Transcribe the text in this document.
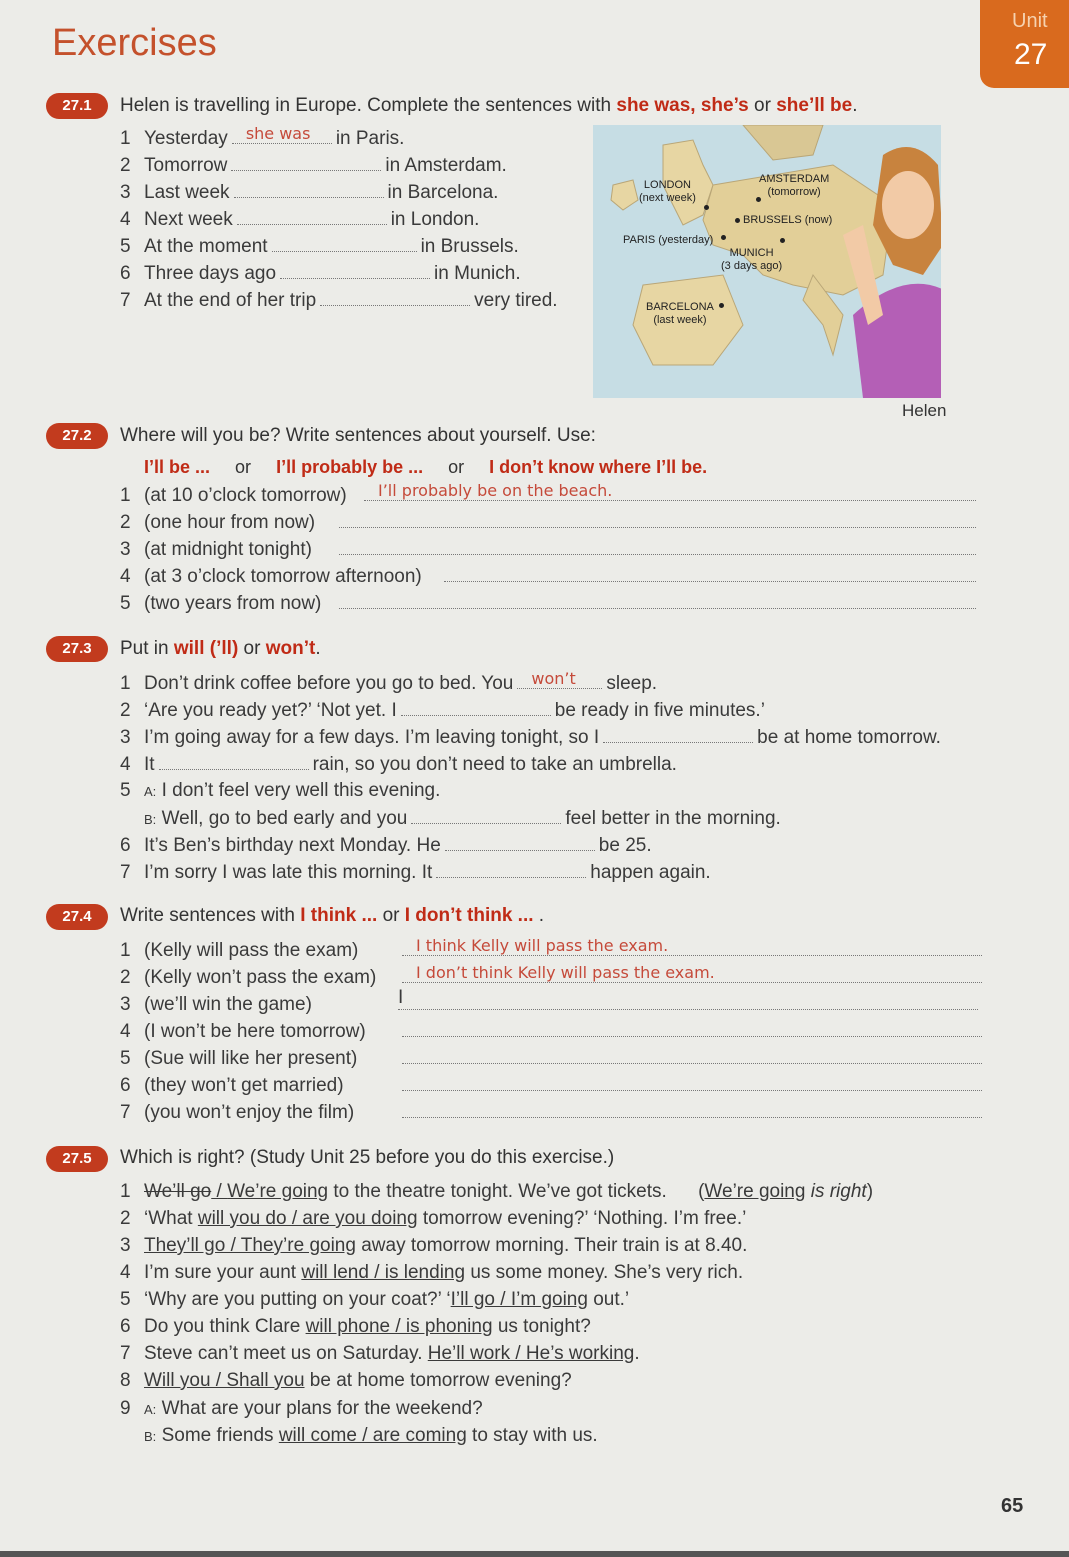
Exercises
Unit
27
27.1	Helen is travelling in Europe. Complete the sentences with she was, she’s or she’ll be.
1 Yesterday she was in Paris.
2 Tomorrow	in Amsterdam.
3 Last week	in Barcelona.
4 Next week	in London.
5 At the moment	in Brussels.
6 Three days ago	in Munich.
7 At the end of her trip	very tired.
LONDON
(next week)
AMSTERDAM
(tomorrow)
BRUSSELS (now)
PARIS (yesterday)
MUNICH
(3 days ago)
BARCELONA
(last week)
Helen
27.2	Where will you be? Write sentences about yourself. Use:
I’ll be ... or I’ll probably be ... or I don’t know where I’ll be.
1 (at 10 o’clock tomorrow) I’ll probably be on the beach.
2 (one hour from now)
3 (at midnight tonight)
4 (at 3 o’clock tomorrow afternoon)
5 (two years from now)
27.3	Put in will (’ll) or won’t.
1 Don’t drink coffee before you go to bed. You won’t sleep.
2 ‘Are you ready yet?’ ‘Not yet. I	be ready in five minutes.’
3 I’m going away for a few days. I’m leaving tonight, so I	be at home tomorrow.
4 It	rain, so you don’t need to take an umbrella.
5 A: I don’t feel very well this evening.
B: Well, go to bed early and you	feel better in the morning.
6 It’s Ben’s birthday next Monday. He	be 25.
7 I’m sorry I was late this morning. It	happen again.
27.4	Write sentences with I think ... or I don’t think ... .
1 (Kelly will pass the exam)	I think Kelly will pass the exam.
2 (Kelly won’t pass the exam) I don’t think Kelly will pass the exam.
3 (we’ll win the game)	I
4 (I won’t be here tomorrow)
5 (Sue will like her present)
6 (they won’t get married)
7 (you won’t enjoy the film)
27.5	Which is right? (Study Unit 25 before you do this exercise.)
1 We’ll go / We’re going to the theatre tonight. We’ve got tickets. (We’re going is right)
2 ‘What will you do / are you doing tomorrow evening?’ ‘Nothing. I’m free.’
3 They’ll go / They’re going away tomorrow morning. Their train is at 8.40.
4 I’m sure your aunt will lend / is lending us some money. She’s very rich.
5 ‘Why are you putting on your coat?’ ‘I’ll go / I’m going out.’
6 Do you think Clare will phone / is phoning us tonight?
7 Steve can’t meet us on Saturday. He’ll work / He’s working.
8 Will you / Shall you be at home tomorrow evening?
9 A: What are your plans for the weekend?
B: Some friends will come / are coming to stay with us.
65
